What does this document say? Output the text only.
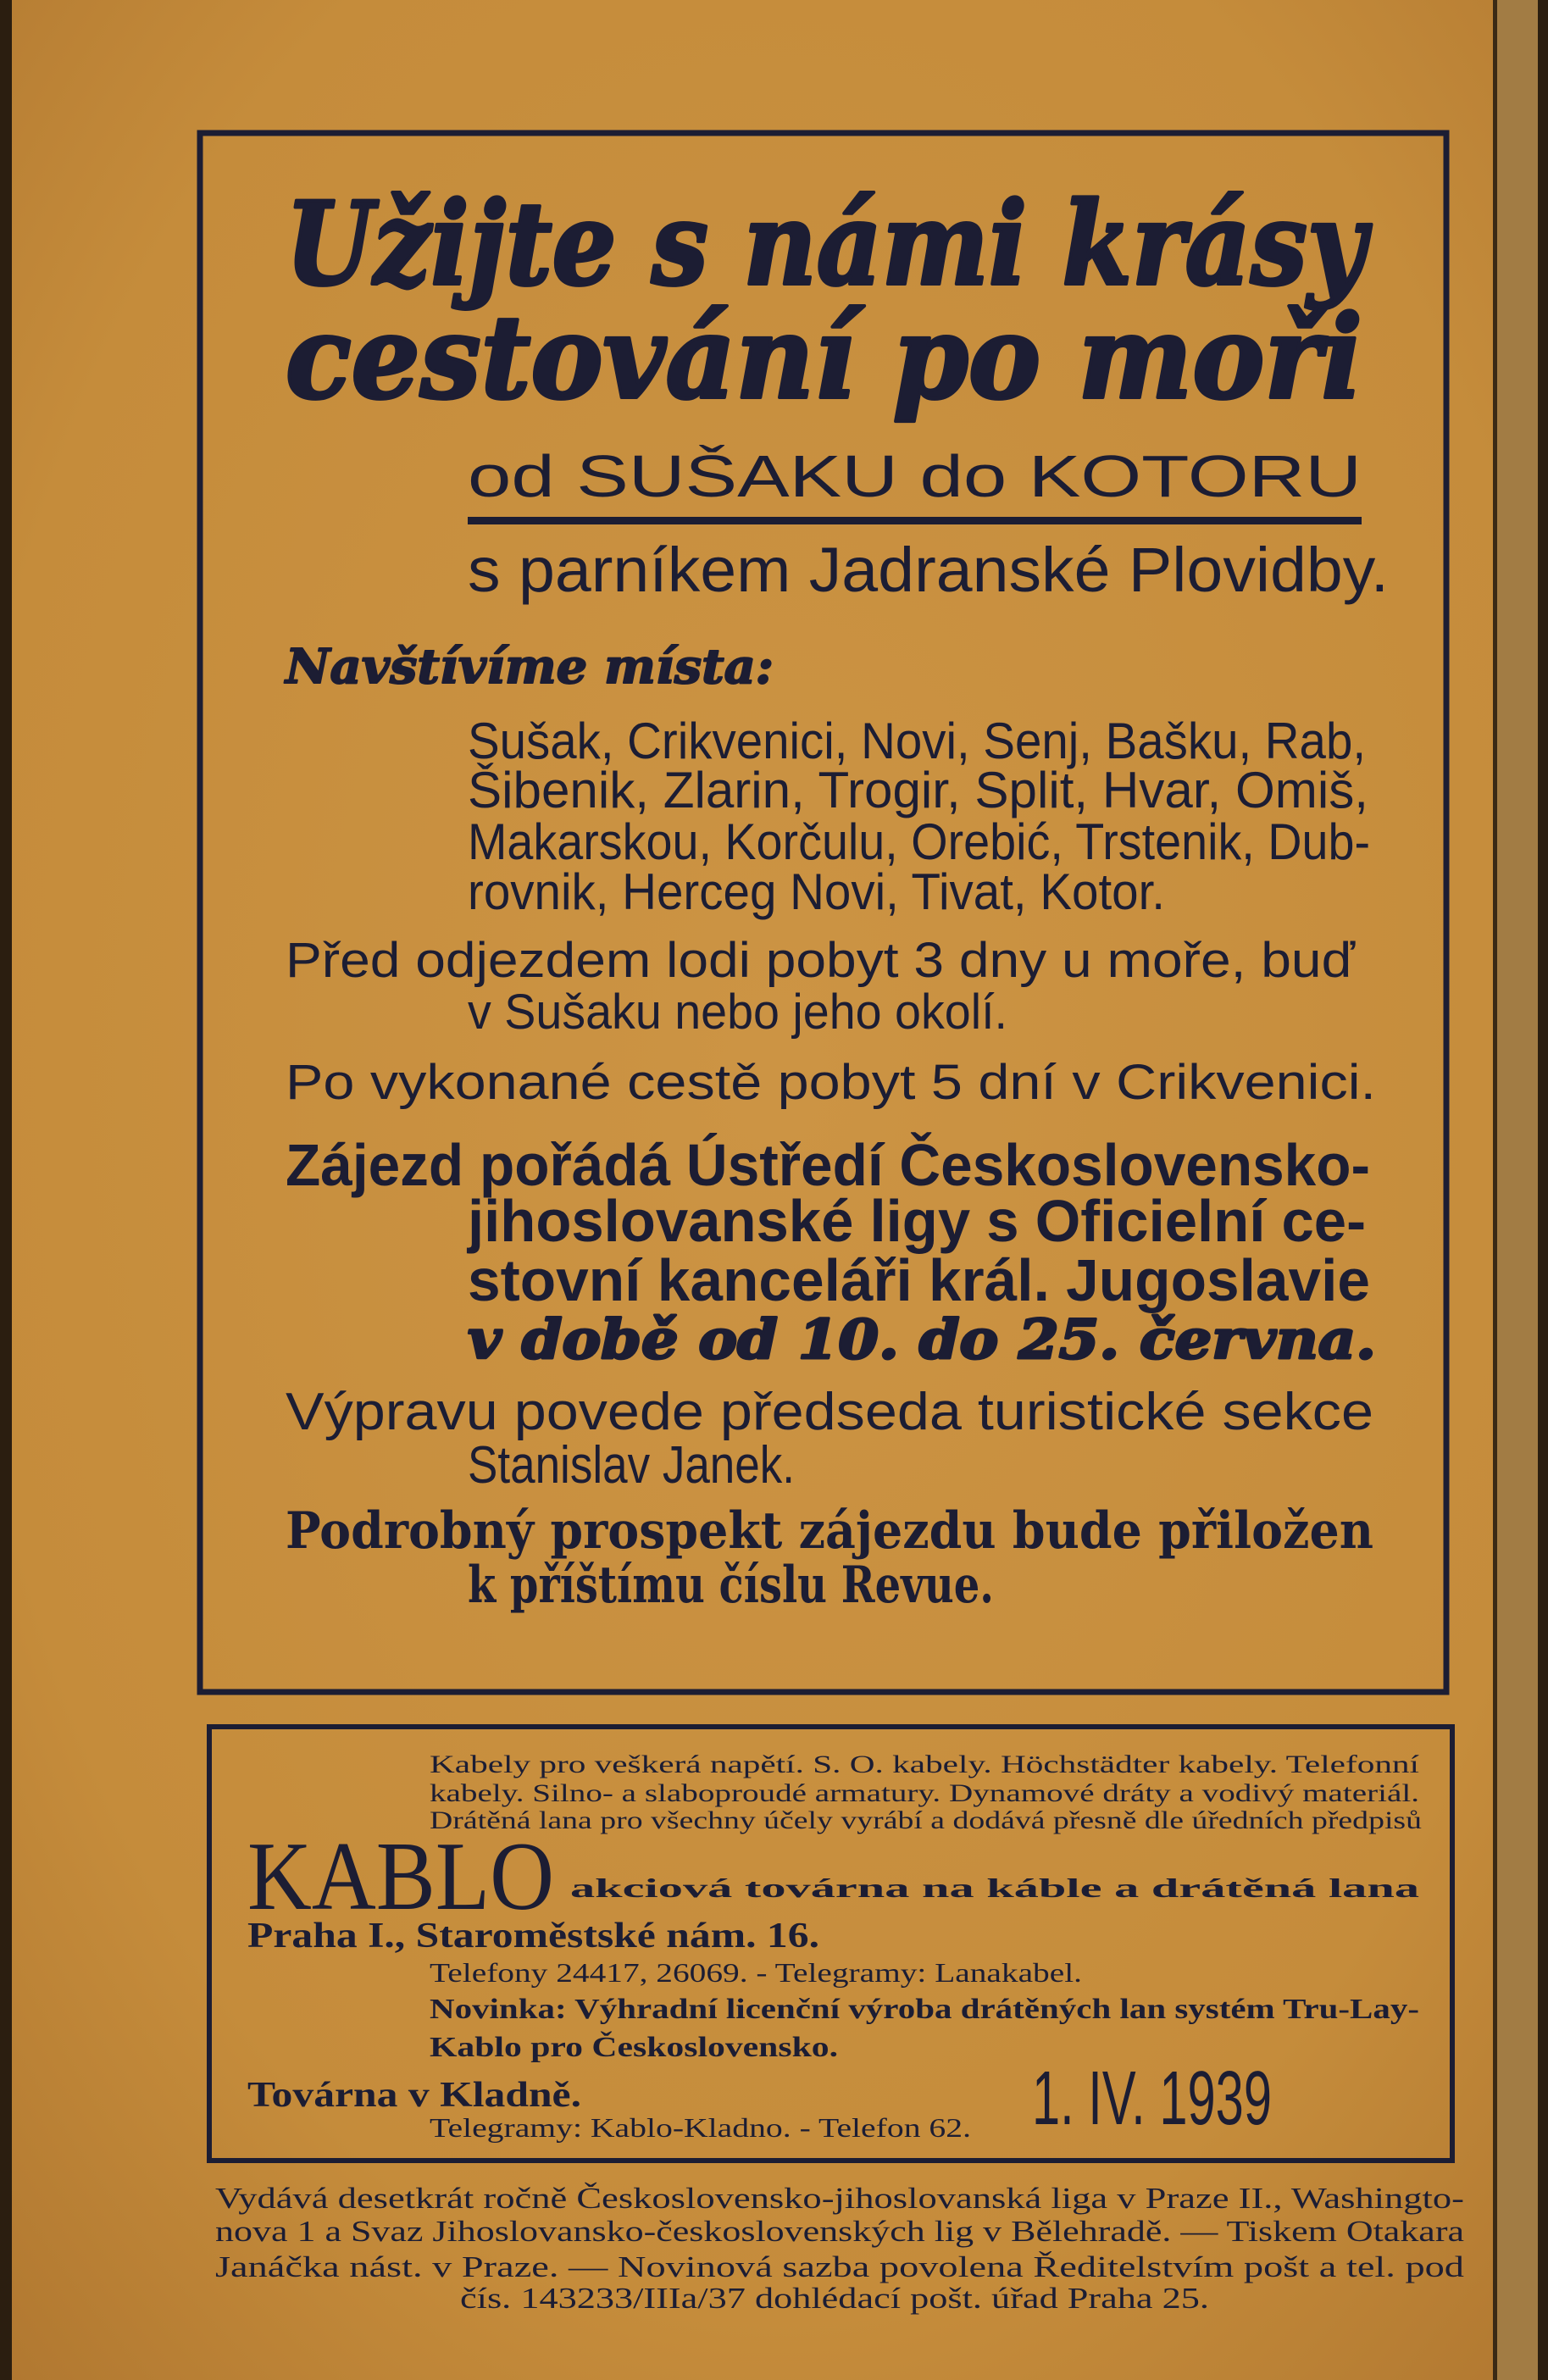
Užijte s námi krásy
cestování po moři
od SUŠAKU do KOTORU
s parníkem Jadranské Plovidby.
Navštívíme místa:
Sušak, Crikvenici, Novi, Senj, Bašku, Rab,
Šibenik, Zlarin, Trogir, Split, Hvar, Omiš,
Makarskou, Korčulu, Orebić, Trstenik, Dub-
rovnik, Herceg Novi, Tivat, Kotor.
Před odjezdem lodi pobyt 3 dny u moře, buď
v Sušaku nebo jeho okolí.
Po vykonané cestě pobyt 5 dní v Crikvenici.
Zájezd pořádá Ústředí Československo-
jihoslovanské ligy s Oficielní ce-
stovní kanceláři král. Jugoslavie
v době od 10. do 25. června.
Výpravu povede předseda turistické sekce
Stanislav Janek.
Podrobný prospekt zájezdu bude přiložen
k příštímu číslu Revue.
Kabely pro veškerá napětí. S. O. kabely. Höchstädter kabely. Telefonní
kabely. Silno- a slaboproudé armatury. Dynamové dráty a vodivý materiál.
Drátěná lana pro všechny účely vyrábí a dodává přesně dle úředních předpisů
KABLO akciová továrna na káble a drátěná lana
Praha I., Staroměstské nám. 16.
Telefony 24417, 26069. - Telegramy: Lanakabel.
Novinka: Výhradní licenční výroba drátěných lan systém Tru-Lay-
Kablo pro Československo.
Továrna v Kladně.
Telegramy: Kablo-Kladno. - Telefon 62. 1. IV. 1939
Vydává desetkrát ročně Československo-jihoslovanská liga v Praze II., Washingto-
nova 1 a Svaz Jihoslovansko-československých lig v Bělehradě. — Tiskem Otakara
Janáčka nást. v Praze. — Novinová sazba povolena Ředitelstvím pošt a tel. pod
čís. 143233/IIIa/37 dohlédací pošt. úřad Praha 25.
